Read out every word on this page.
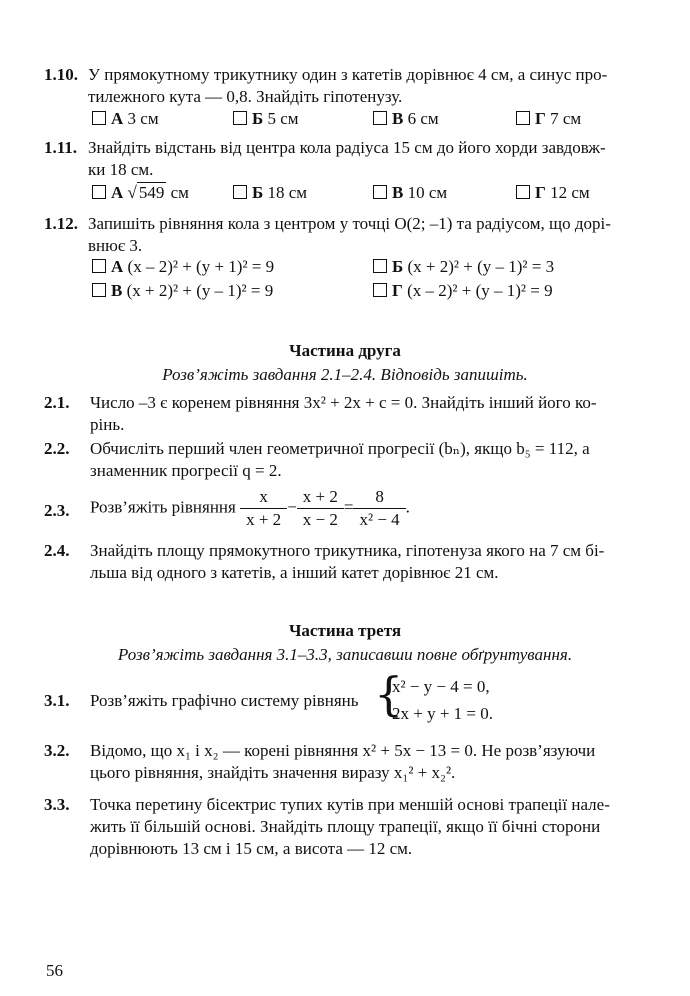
1.10. У прямокутному трикутнику один з катетів дорівнює 4 см, а синус про-
тилежного кута — 0,8. Знайдіть гіпотенузу.
А 3 см	Б 5 см	В 6 см	Г 7 см
1.11. Знайдіть відстань від центра кола радіуса 15 см до його хорди завдовж-
ки 18 см.
А √ 549 см	Б 18 см	В 10 см	Г 12 см
1.12. Запишіть рівняння кола з центром у точці O(2; –1) та радіусом, що дорі-
внює 3.
А (x – 2)² + (y + 1)² = 9	Б (x + 2)² + (y – 1)² = 3
В (x + 2)² + (y – 1)² = 9	Г (x – 2)² + (y – 1)² = 9
Частина друга
Розв’яжіть завдання 2.1–2.4. Відповідь запишіть.
2.1. Число –3 є коренем рівняння 3x² + 2x + c = 0. Знайдіть інший його ко-
рінь.
2.2. Обчисліть перший член геометричної прогресії (bₙ), якщо b₅ = 112, а
знаменник прогресії q = 2.
2.3. Розв’яжіть рівняння $\frac{x}{x + 2} - \frac{x + 2}{x - 2} = \frac{8}{\text{x² − 4}}$ .
2.4. Знайдіть площу прямокутного трикутника, гіпотенуза якого на 7 см бі-
льша від одного з катетів, а інший катет дорівнює 21 см.
Частина третя
Розв’яжіть завдання 3.1–3.3, записавши повне обґрунтування.
3.1. Розв’яжіть графічно систему рівнянь {
x² − y − 4 = 0,
2x + y + 1 = 0.
3.2. Відомо, що x₁ і x₂ — корені рівняння x² + 5x − 13 = 0. Не розв’язуючи
цього рівняння, знайдіть значення виразу x₁² + x₂².
3.3. Точка перетину бісектрис тупих кутів при меншій основі трапеції нале-
жить її більшій основі. Знайдіть площу трапеції, якщо її бічні сторони
дорівнюють 13 см і 15 см, а висота — 12 см.
56
